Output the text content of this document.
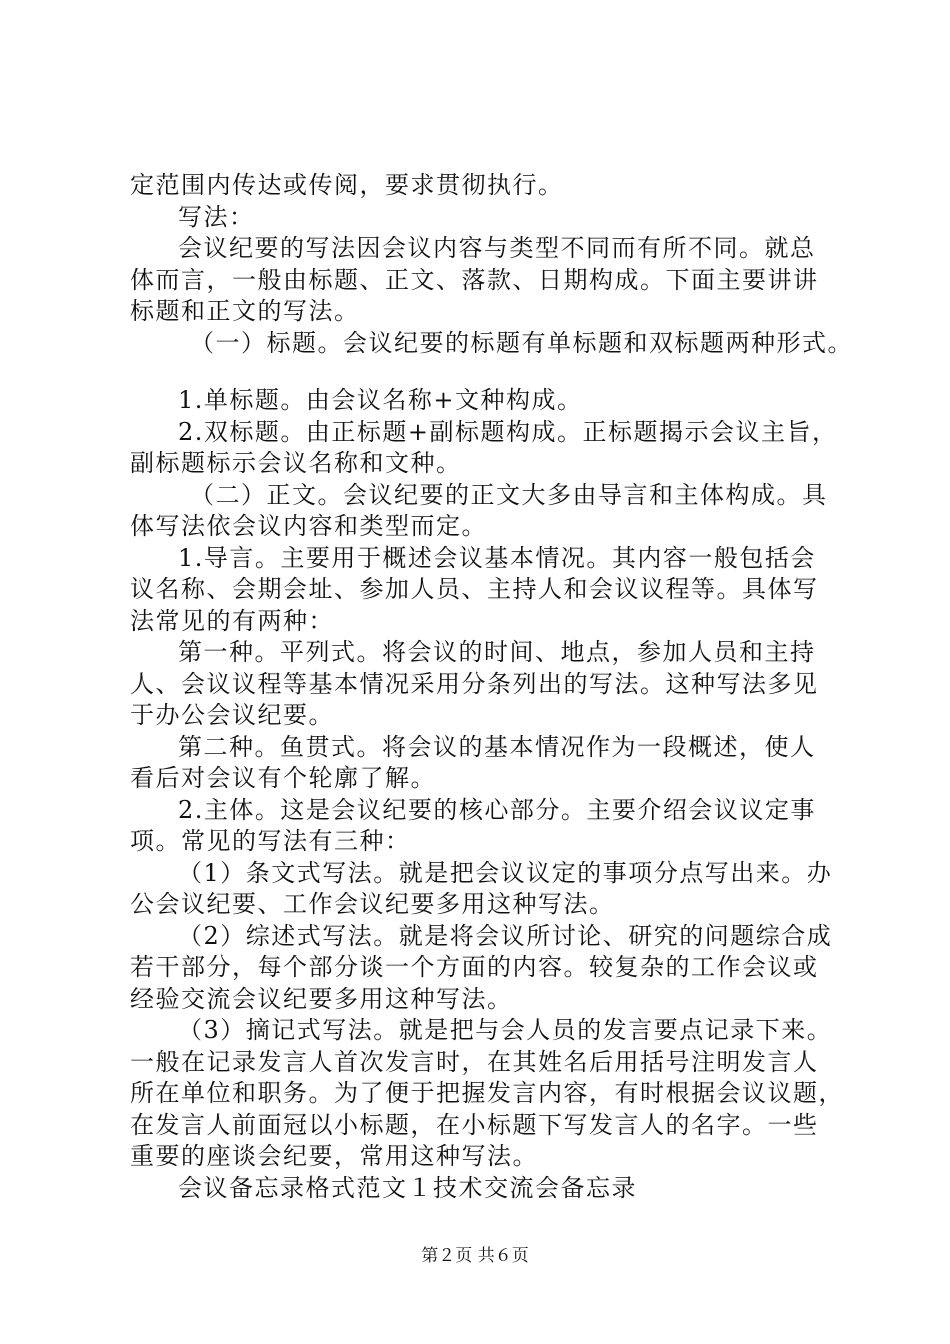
定范围内传达或传阅，要求贯彻执行。

写法：

会议纪要的写法因会议内容与类型不同而有所不同。就总

体而言，一般由标题、正文、落款、日期构成。下面主要讲讲

标题和正文的写法。

（一）标题。会议纪要的标题有单标题和双标题两种形式。

1.单标题。由会议名称+文种构成。

2.双标题。由正标题+副标题构成。正标题揭示会议主旨，

副标题标示会议名称和文种。

（二）正文。会议纪要的正文大多由导言和主体构成。具

体写法依会议内容和类型而定。

1.导言。主要用于概述会议基本情况。其内容一般包括会

议名称、会期会址、参加人员、主持人和会议议程等。具体写

法常见的有两种：

第一种。平列式。将会议的时间、地点，参加人员和主持

人、会议议程等基本情况采用分条列出的写法。这种写法多见

于办公会议纪要。

第二种。鱼贯式。将会议的基本情况作为一段概述，使人

看后对会议有个轮廓了解。

2.主体。这是会议纪要的核心部分。主要介绍会议议定事

项。常见的写法有三种：

（1）条文式写法。就是把会议议定的事项分点写出来。办

公会议纪要、工作会议纪要多用这种写法。

（2）综述式写法。就是将会议所讨论、研究的问题综合成

若干部分，每个部分谈一个方面的内容。较复杂的工作会议或

经验交流会议纪要多用这种写法。

（3）摘记式写法。就是把与会人员的发言要点记录下来。

一般在记录发言人首次发言时，在其姓名后用括号注明发言人

所在单位和职务。为了便于把握发言内容，有时根据会议议题，

在发言人前面冠以小标题，在小标题下写发言人的名字。一些

重要的座谈会纪要，常用这种写法。

会议备忘录格式范文１技术交流会备忘录

第２页 共６页
